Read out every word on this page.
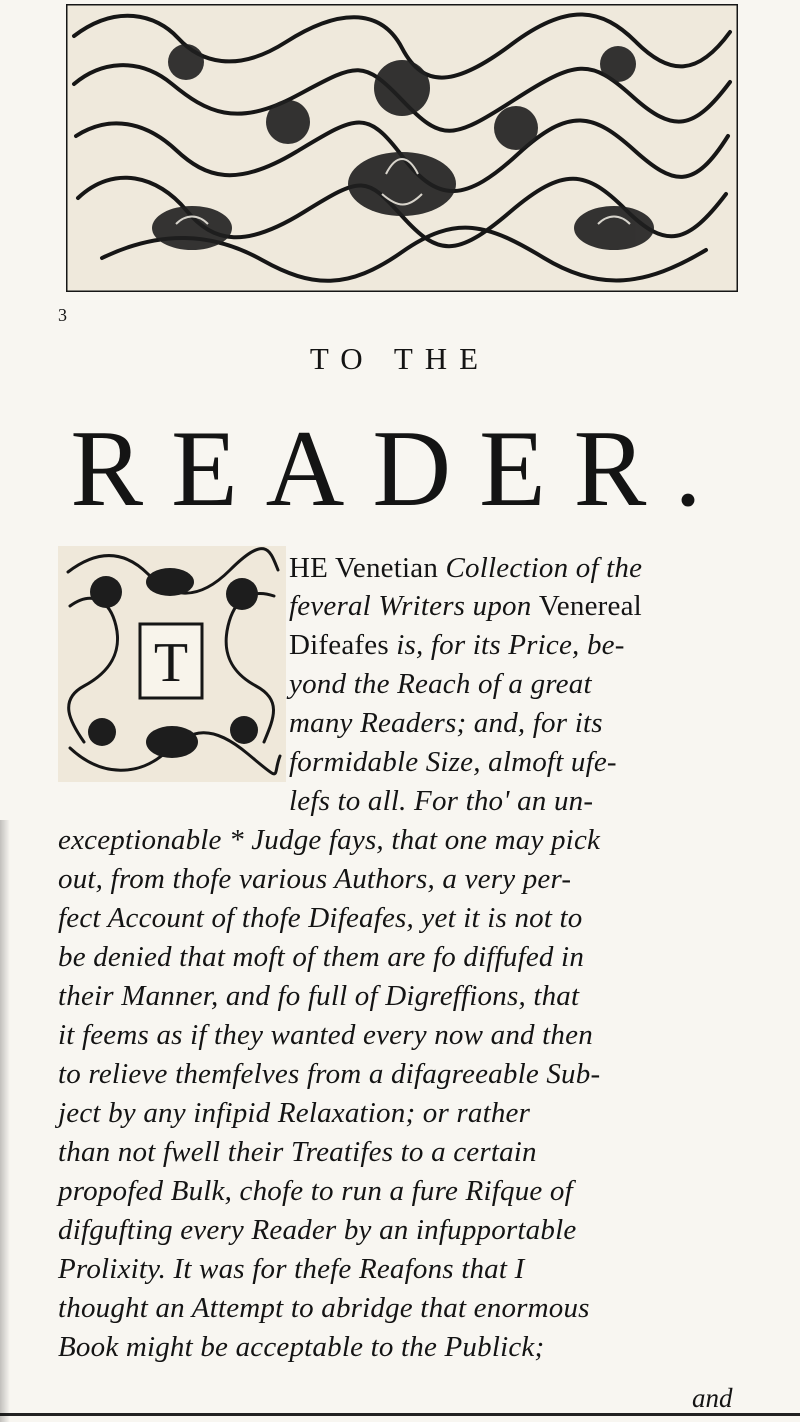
3
TO THE
READER.
T
HE Venetian Collection of the
feveral Writers upon Venereal
Difeafes is, for its Price, be-
yond the Reach of a great
many Readers; and, for its
formidable Size, almoft ufe-
lefs to all. For tho' an un-
exceptionable * Judge fays, that one may pick
out, from thofe various Authors, a very per-
fect Account of thofe Difeafes, yet it is not to
be denied that moft of them are fo diffufed in
their Manner, and fo full of Digreffions, that
it feems as if they wanted every now and then
to relieve themfelves from a difagreeable Sub-
ject by any infipid Relaxation; or rather
than not fwell their Treatifes to a certain
propofed Bulk, chofe to run a fure Rifque of
difgufting every Reader by an infupportable
Prolixity. It was for thefe Reafons that I
thought an Attempt to abridge that enormous
Book might be acceptable to the Publick;
and
